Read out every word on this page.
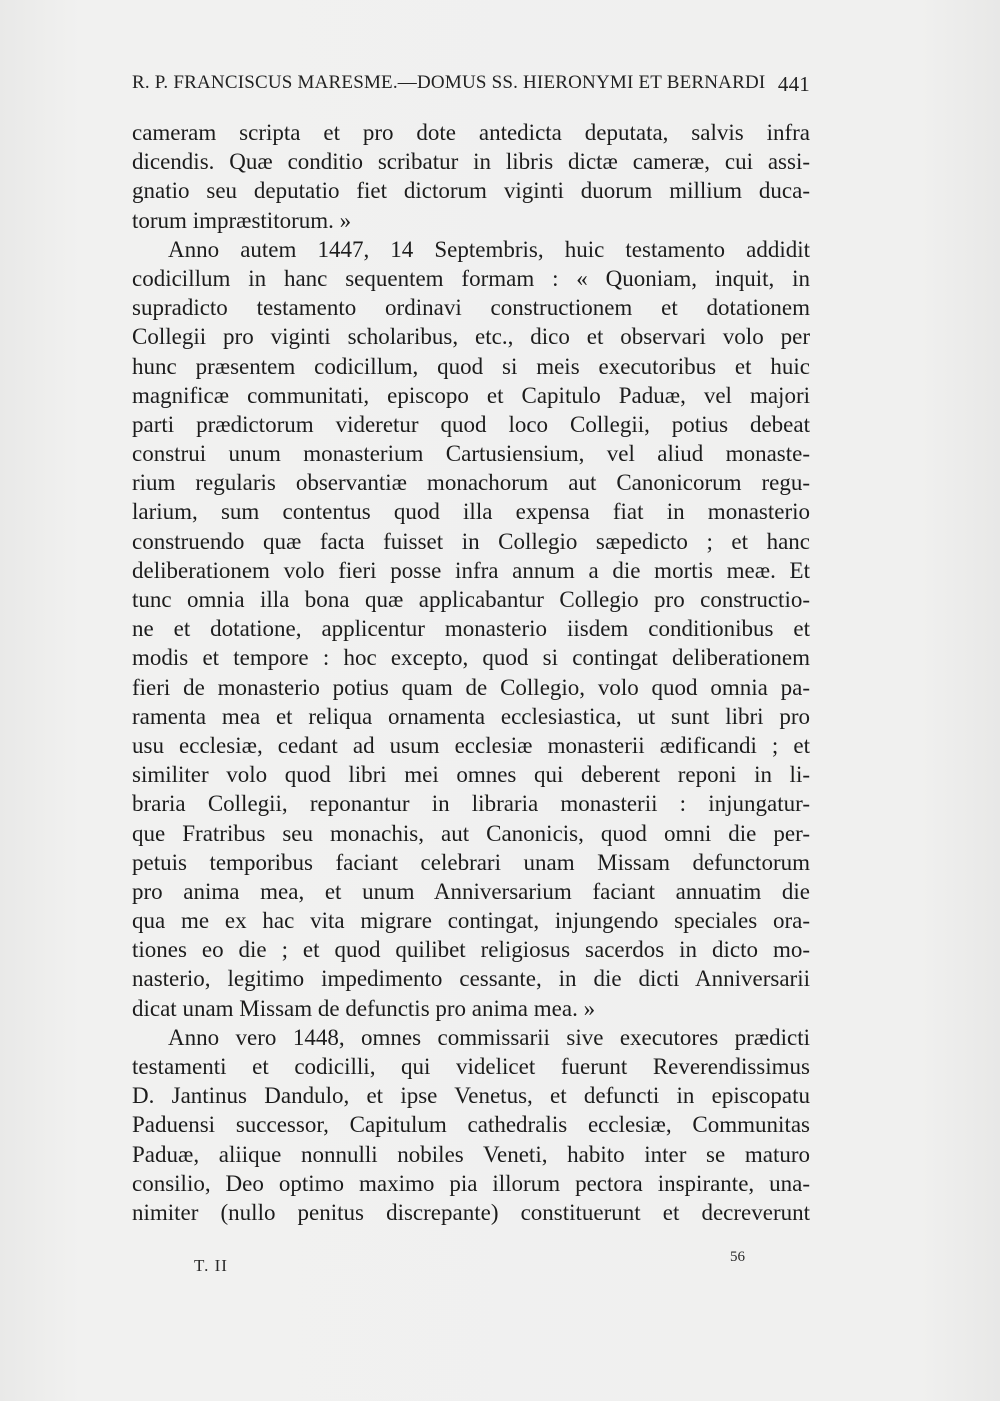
R. P. FRANCISCUS MARESME.—DOMUS SS. HIERONYMI ET BERNARDI 441
cameram scripta et pro dote antedicta deputata, salvis infra
dicendis. Quæ conditio scribatur in libris dictæ cameræ, cui assi-
gnatio seu deputatio fiet dictorum viginti duorum millium duca-
torum impræstitorum. »
Anno autem 1447, 14 Septembris, huic testamento addidit
codicillum in hanc sequentem formam : « Quoniam, inquit, in
supradicto testamento ordinavi constructionem et dotationem
Collegii pro viginti scholaribus, etc., dico et observari volo per
hunc præsentem codicillum, quod si meis executoribus et huic
magnificæ communitati, episcopo et Capitulo Paduæ, vel majori
parti prædictorum videretur quod loco Collegii, potius debeat
construi unum monasterium Cartusiensium, vel aliud monaste-
rium regularis observantiæ monachorum aut Canonicorum regu-
larium, sum contentus quod illa expensa fiat in monasterio
construendo quæ facta fuisset in Collegio sæpedicto ; et hanc
deliberationem volo fieri posse infra annum a die mortis meæ. Et
tunc omnia illa bona quæ applicabantur Collegio pro constructio-
ne et dotatione, applicentur monasterio iisdem conditionibus et
modis et tempore : hoc excepto, quod si contingat deliberationem
fieri de monasterio potius quam de Collegio, volo quod omnia pa-
ramenta mea et reliqua ornamenta ecclesiastica, ut sunt libri pro
usu ecclesiæ, cedant ad usum ecclesiæ monasterii ædificandi ; et
similiter volo quod libri mei omnes qui deberent reponi in li-
braria Collegii, reponantur in libraria monasterii : injungatur-
que Fratribus seu monachis, aut Canonicis, quod omni die per-
petuis temporibus faciant celebrari unam Missam defunctorum
pro anima mea, et unum Anniversarium faciant annuatim die
qua me ex hac vita migrare contingat, injungendo speciales ora-
tiones eo die ; et quod quilibet religiosus sacerdos in dicto mo-
nasterio, legitimo impedimento cessante, in die dicti Anniversarii
dicat unam Missam de defunctis pro anima mea. »
Anno vero 1448, omnes commissarii sive executores prædicti
testamenti et codicilli, qui videlicet fuerunt Reverendissimus
D. Jantinus Dandulo, et ipse Venetus, et defuncti in episcopatu
Paduensi successor, Capitulum cathedralis ecclesiæ, Communitas
Paduæ, aliique nonnulli nobiles Veneti, habito inter se maturo
consilio, Deo optimo maximo pia illorum pectora inspirante, una-
nimiter (nullo penitus discrepante) constituerunt et decreverunt
T. II	56
